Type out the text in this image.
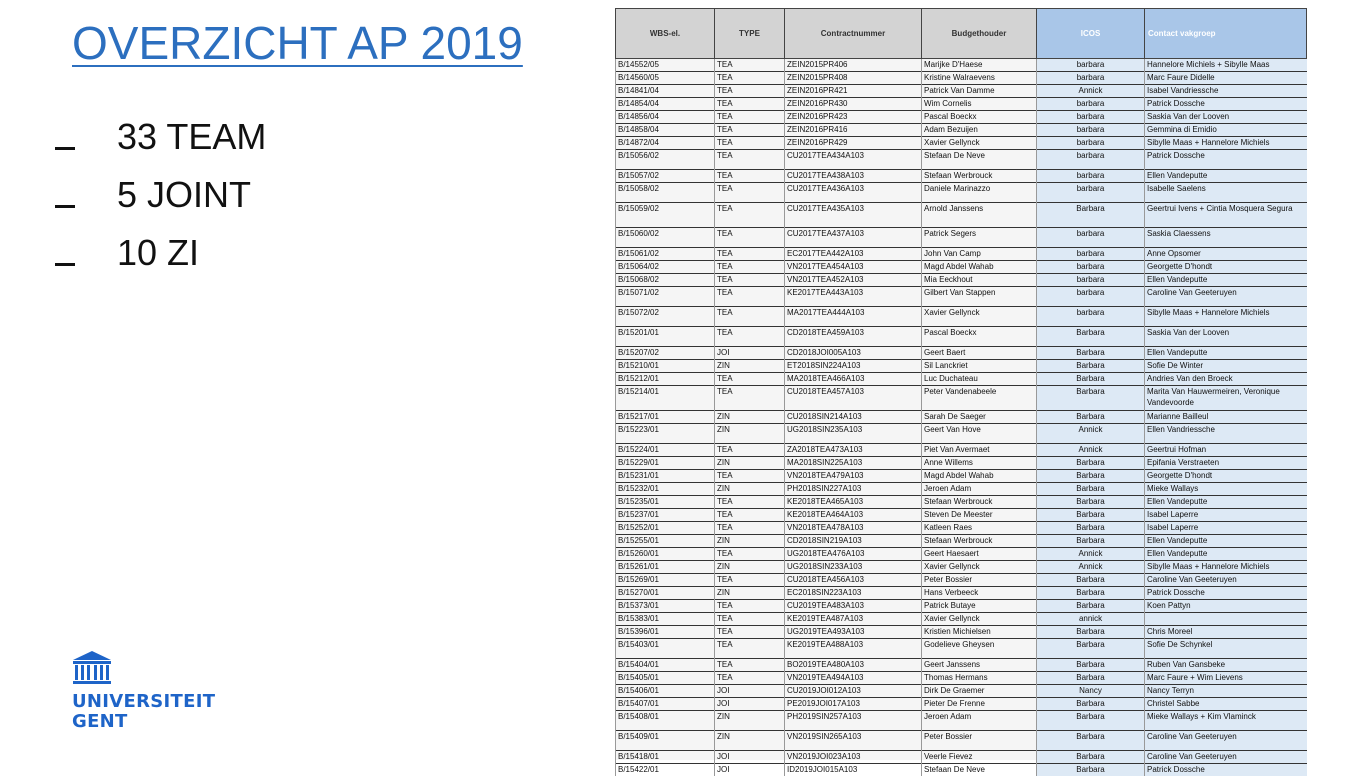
OVERZICHT AP 2019
33 TEAM
5 JOINT
10 ZI
UNIVERSITEIT
GENT
WBS-el.	TYPE	Contractnummer	Budgethouder	ICOS	Contact vakgroep
B/14552/05	TEA	ZEIN2015PR406	Marijke D'Haese	barbara	Hannelore Michiels + Sibylle Maas
B/14560/05	TEA	ZEIN2015PR408	Kristine Walraevens	barbara	Marc Faure Didelle
B/14841/04	TEA	ZEIN2016PR421	Patrick Van Damme	Annick	Isabel Vandriessche
B/14854/04	TEA	ZEIN2016PR430	Wim Cornelis	barbara	Patrick Dossche
B/14856/04	TEA	ZEIN2016PR423	Pascal Boeckx	barbara	Saskia Van der Looven
B/14858/04	TEA	ZEIN2016PR416	Adam Bezuijen	barbara	Gemmina di Emidio
B/14872/04	TEA	ZEIN2016PR429	Xavier Gellynck	barbara	Sibylle Maas + Hannelore Michiels
B/15056/02	TEA	CU2017TEA434A103	Stefaan De Neve	barbara	Patrick Dossche
B/15057/02	TEA	CU2017TEA438A103	Stefaan Werbrouck	barbara	Ellen Vandeputte
B/15058/02	TEA	CU2017TEA436A103	Daniele Marinazzo	barbara	Isabelle Saelens
B/15059/02	TEA	CU2017TEA435A103	Arnold Janssens	Barbara	Geertrui Ivens + Cintia Mosquera Segura
B/15060/02	TEA	CU2017TEA437A103	Patrick Segers	barbara	Saskia Claessens
B/15061/02	TEA	EC2017TEA442A103	John Van Camp	barbara	Anne Opsomer
B/15064/02	TEA	VN2017TEA454A103	Magd Abdel Wahab	barbara	Georgette D'hondt
B/15068/02	TEA	VN2017TEA452A103	Mia Eeckhout	barbara	Ellen Vandeputte
B/15071/02	TEA	KE2017TEA443A103	Gilbert Van Stappen	barbara	Caroline Van Geeteruyen
B/15072/02	TEA	MA2017TEA444A103	Xavier Gellynck	barbara	Sibylle Maas + Hannelore Michiels
B/15201/01	TEA	CD2018TEA459A103	Pascal Boeckx	Barbara	Saskia Van der Looven
B/15207/02	JOI	CD2018JOI005A103	Geert Baert	Barbara	Ellen Vandeputte
B/15210/01	ZIN	ET2018SIN224A103	Sil Lanckriet	Barbara	Sofie De Winter
B/15212/01	TEA	MA2018TEA466A103	Luc Duchateau	Barbara	Andries Van den Broeck
B/15214/01	TEA	CU2018TEA457A103	Peter Vandenabeele	Barbara	Marita Van Hauwermeiren, Veronique Vandevoorde
B/15217/01	ZIN	CU2018SIN214A103	Sarah De Saeger	Barbara	Marianne Bailleul
B/15223/01	ZIN	UG2018SIN235A103	Geert Van Hove	Annick	Ellen Vandriessche
B/15224/01	TEA	ZA2018TEA473A103	Piet Van Avermaet	Annick	Geertrui Hofman
B/15229/01	ZIN	MA2018SIN225A103	Anne Willems	Barbara	Epifania Verstraeten
B/15231/01	TEA	VN2018TEA479A103	Magd Abdel Wahab	Barbara	Georgette D'hondt
B/15232/01	ZIN	PH2018SIN227A103	Jeroen Adam	Barbara	Mieke Wallays
B/15235/01	TEA	KE2018TEA465A103	Stefaan Werbrouck	Barbara	Ellen Vandeputte
B/15237/01	TEA	KE2018TEA464A103	Steven De Meester	Barbara	Isabel Laperre
B/15252/01	TEA	VN2018TEA478A103	Katleen Raes	Barbara	Isabel Laperre
B/15255/01	ZIN	CD2018SIN219A103	Stefaan Werbrouck	Barbara	Ellen Vandeputte
B/15260/01	TEA	UG2018TEA476A103	Geert Haesaert	Annick	Ellen Vandeputte
B/15261/01	ZIN	UG2018SIN233A103	Xavier Gellynck	Annick	Sibylle Maas + Hannelore Michiels
B/15269/01	TEA	CU2018TEA456A103	Peter Bossier	Barbara	Caroline Van Geeteruyen
B/15270/01	ZIN	EC2018SIN223A103	Hans Verbeeck	Barbara	Patrick Dossche
B/15373/01	TEA	CU2019TEA483A103	Patrick Butaye	Barbara	Koen Pattyn
B/15383/01	TEA	KE2019TEA487A103	Xavier Gellynck	annick	
B/15396/01	TEA	UG2019TEA493A103	Kristien Michielsen	Barbara	Chris Moreel
B/15403/01	TEA	KE2019TEA488A103	Godelieve Gheysen	Barbara	Sofie De Schynkel
B/15404/01	TEA	BO2019TEA480A103	Geert Janssens	Barbara	Ruben Van Gansbeke
B/15405/01	TEA	VN2019TEA494A103	Thomas Hermans	Barbara	Marc Faure + Wim Lievens
B/15406/01	JOI	CU2019JOI012A103	Dirk De Graemer	Nancy	Nancy Terryn
B/15407/01	JOI	PE2019JOI017A103	Pieter De Frenne	Barbara	Christel Sabbe
B/15408/01	ZIN	PH2019SIN257A103	Jeroen Adam	Barbara	Mieke Wallays + Kim Vlaminck
B/15409/01	ZIN	VN2019SIN265A103	Peter Bossier	Barbara	Caroline Van Geeteruyen
B/15418/01	JOI	VN2019JOI023A103	Veerle Fievez	Barbara	Caroline Van Geeteruyen
B/15422/01	JOI	ID2019JOI015A103	Stefaan De Neve	Barbara	Patrick Dossche
